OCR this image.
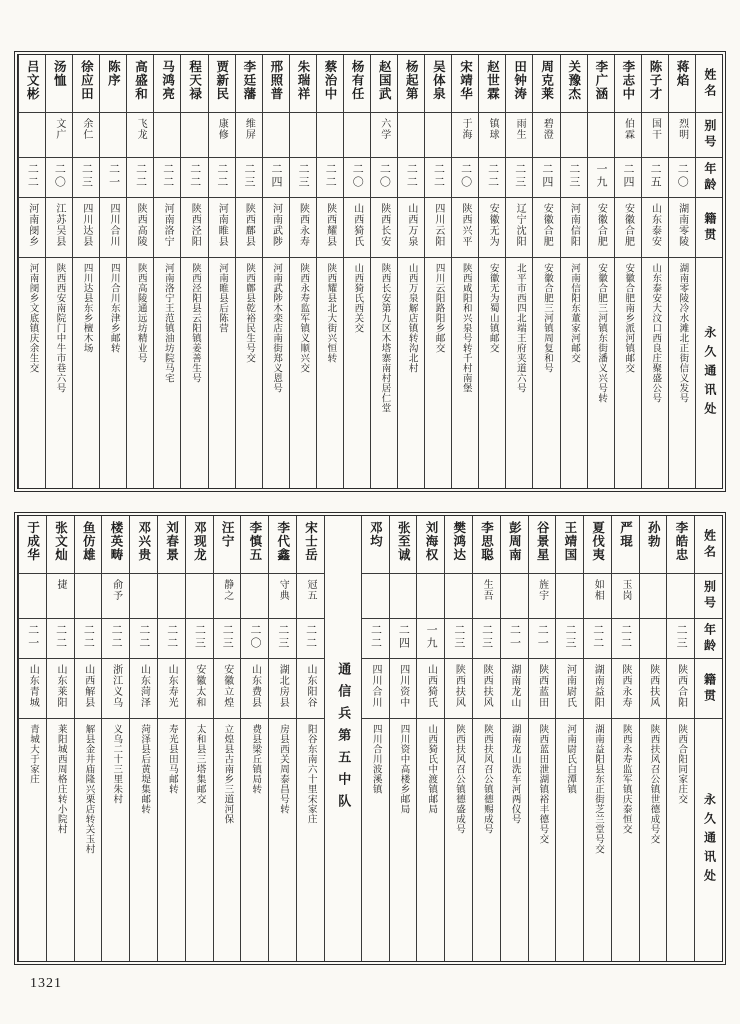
姓名
别号
年龄
籍贯
永久通讯处
蒋焰
烈明
二〇
湖南零陵
湖南零陵冷水滩北正街信义发号
陈子才
国干
二五
山东泰安
山东泰安大汶口西良庄聚盛公号
李志中
伯霖
二四
安徽合肥
安徽合肥南乡派河镇邮交
李广涵
一九
安徽合肥
安徽合肥三河镇东街潘义兴号转
关豫杰
二三
河南信阳
河南信阳东董家河邮交
周克莱
碧澄
二四
安徽合肥
安徽合肥三河镇周复和号
田钟涛
雨生
二三
辽宁沈阳
北平市西四北端王府夹道六号
赵世霖
镇球
二二
安徽无为
安徽无为蜀山镇邮交
宋靖华
于海
二〇
陕西兴平
陕西咸阳和兴泉号转千村南堡
吴体泉
二二
四川云阳
四川云阳路阳乡邮交
杨起第
二二
山西万泉
山西万泉解店镇转沟北村
赵国武
六学
二〇
陕西长安
陕西长安第九区木塔寨南村居仁堂
杨有任
二〇
山西猗氏
山西猗氏西关交
蔡治中
二二
陕西耀县
陕西耀县北大街兴恒转
朱瑞祥
二三
陕西永寿
陕西永寿监军镇义顺兴交
邢照普
二四
河南武陟
河南武陟木栾店南街郑义恩号
李廷藩
维屏
二三
陕西鄜县
陕西鄜县乾裕民生号交
贾新民
康修
二二
河南睢县
河南睢县后陈营
程天禄
二二
陕西泾阳
陕西泾阳县云阳镇姜善生号
马鸿亮
二二
河南洛宁
河南洛宁王范镇油坊院马宅
高盛和
飞龙
二二
陕西高陵
陕西高陵通远坊精业号
陈序
二一
四川合川
四川合川东津乡邮转
徐应田
余仁
二三
四川达县
四川达县东乡檀木场
汤恤
文广
二〇
江苏吴县
陕西西安南院门中牛市巷六号
吕文彬
二二
河南阌乡
河南阌乡文底镇庆余生交
姓名
别号
年龄
籍贯
永久通讯处
李皓忠
二三
陕西合阳
陕西合阳同家庄交
孙勃
陕西扶风
陕西扶风召公镇世德成号交
严琨
玉岗
二二
陕西永寿
陕西永寿监军镇庆泰恒交
夏伐夷
如相
二二
湖南益阳
湖南益阳县东正街芝兰堂号交
王靖国
二三
河南尉氏
河南尉氏白潭镇
谷景星
旌宇
二一
陕西蓝田
陕西蓝田泄湖镇裕丰德号交
彭周南
二一
湖南龙山
湖南龙山洗车河两仪号
李思聪
生吾
二三
陕西扶风
陕西扶风召公镇德赐成号
樊鸿达
二三
陕西扶风
陕西扶风召公镇德盛成号
刘海权
一九
山西猗氏
山西猗氏中渡镇邮局
张至诚
二四
四川资中
四川资中高楼乡邮局
邓均
二二
四川合川
四川合川波溪镇
通信兵第五中队
宋士岳
冠五
二二
山东阳谷
阳谷东南六十里宋家庄
李代鑫
守典
二三
湖北房县
房县西关周泰昌号转
李慎五
二〇
山东费县
费县梁丘镇局转
汪宁
静之
二三
安徽立煌
立煌县古南乡三道河保
邓现龙
二三
安徽太和
太和县三塔集邮交
刘春景
二二
山东寿光
寿光县田马邮转
邓兴贵
二二
山东菏泽
菏泽县后黄堤集邮转
楼英畴
俞予
二二
浙江义乌
义乌二十三里朱村
鱼仿雄
二二
山西解县
解县金井庙隆兴栗店转关玉村
张文灿
捷
二二
山东莱阳
莱阳城西周格庄转小院村
于成华
二一
山东青城
青城大于家庄
1321
